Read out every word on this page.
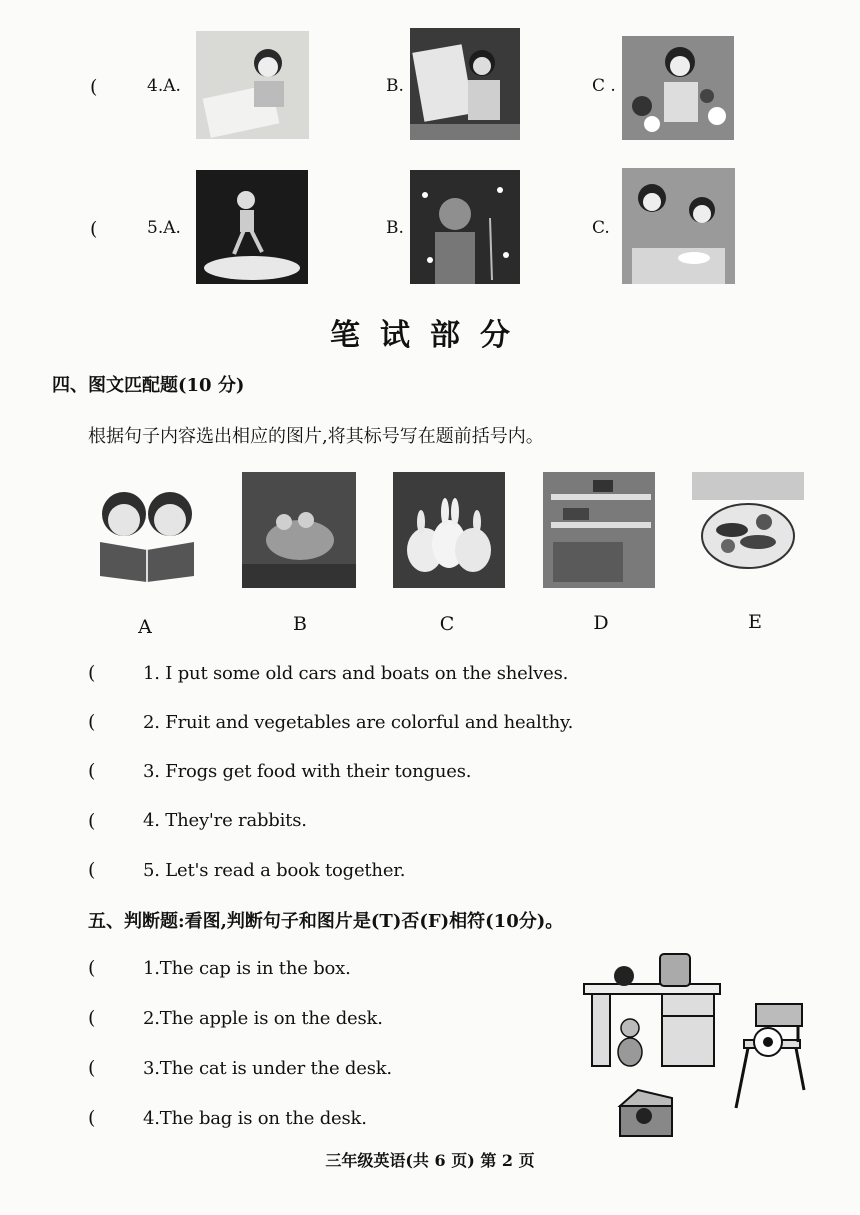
(	4.A.	B.	C .
(	5.A.	B.	C.
笔试部分
四、图文匹配题(10 分)
根据句子内容选出相应的图片,将其标号写在题前括号内。
A	B	C	D	E
(	1. I put some old cars and boats on the shelves.
(	2. Fruit and vegetables are colorful and healthy.
(	3. Frogs get food with their tongues.
(	4. They're rabbits.
(	5. Let's read a book together.
五、判断题:看图,判断句子和图片是(T)否(F)相符(10分)。
(	1.The cap is in the box.
(	2.The apple is on the desk.
(	3.The cat is under the desk.
(	4.The bag is on the desk.
三年级英语(共 6 页) 第 2 页
